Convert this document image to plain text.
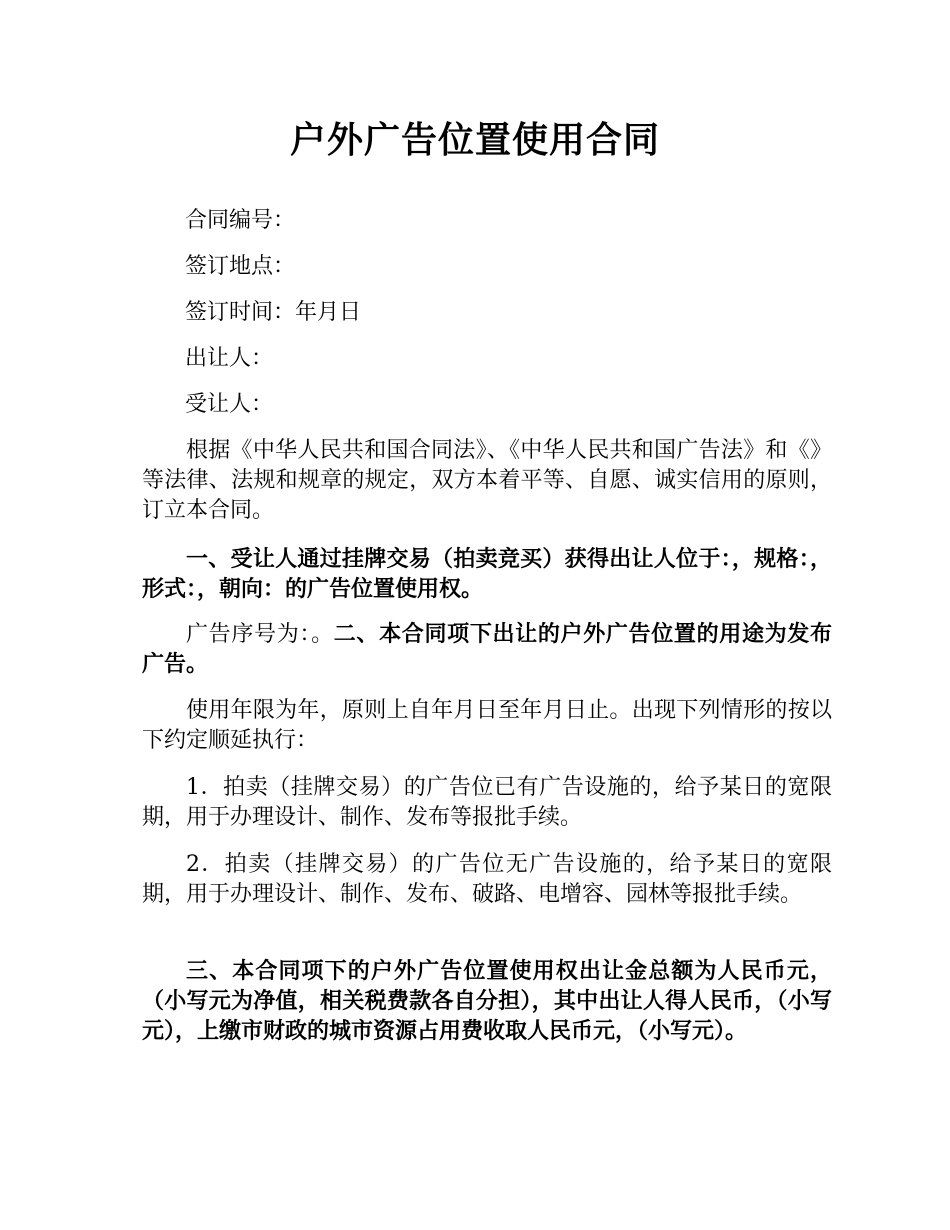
户外广告位置使用合同
合同编号：
签订地点：
签订时间：年月日
出让人：
受让人：
根据《中华人民共和国合同法》、《中华人民共和国广告法》和《》等法律、法规和规章的规定，双方本着平等、自愿、诚实信用的原则，订立本合同。
一、受让人通过挂牌交易（拍卖竞买）获得出让人位于：，规格：，形式：，朝向：的广告位置使用权。
广告序号为：。二、本合同项下出让的户外广告位置的用途为发布广告。
使用年限为年，原则上自年月日至年月日止。出现下列情形的按以下约定顺延执行：
1．拍卖（挂牌交易）的广告位已有广告设施的，给予某日的宽限期，用于办理设计、制作、发布等报批手续。
2．拍卖（挂牌交易）的广告位无广告设施的，给予某日的宽限期，用于办理设计、制作、发布、破路、电增容、园林等报批手续。
三、本合同项下的户外广告位置使用权出让金总额为人民币元，（小写元为净值，相关税费款各自分担），其中出让人得人民币，（小写元），上缴市财政的城市资源占用费收取人民币元，（小写元）。
